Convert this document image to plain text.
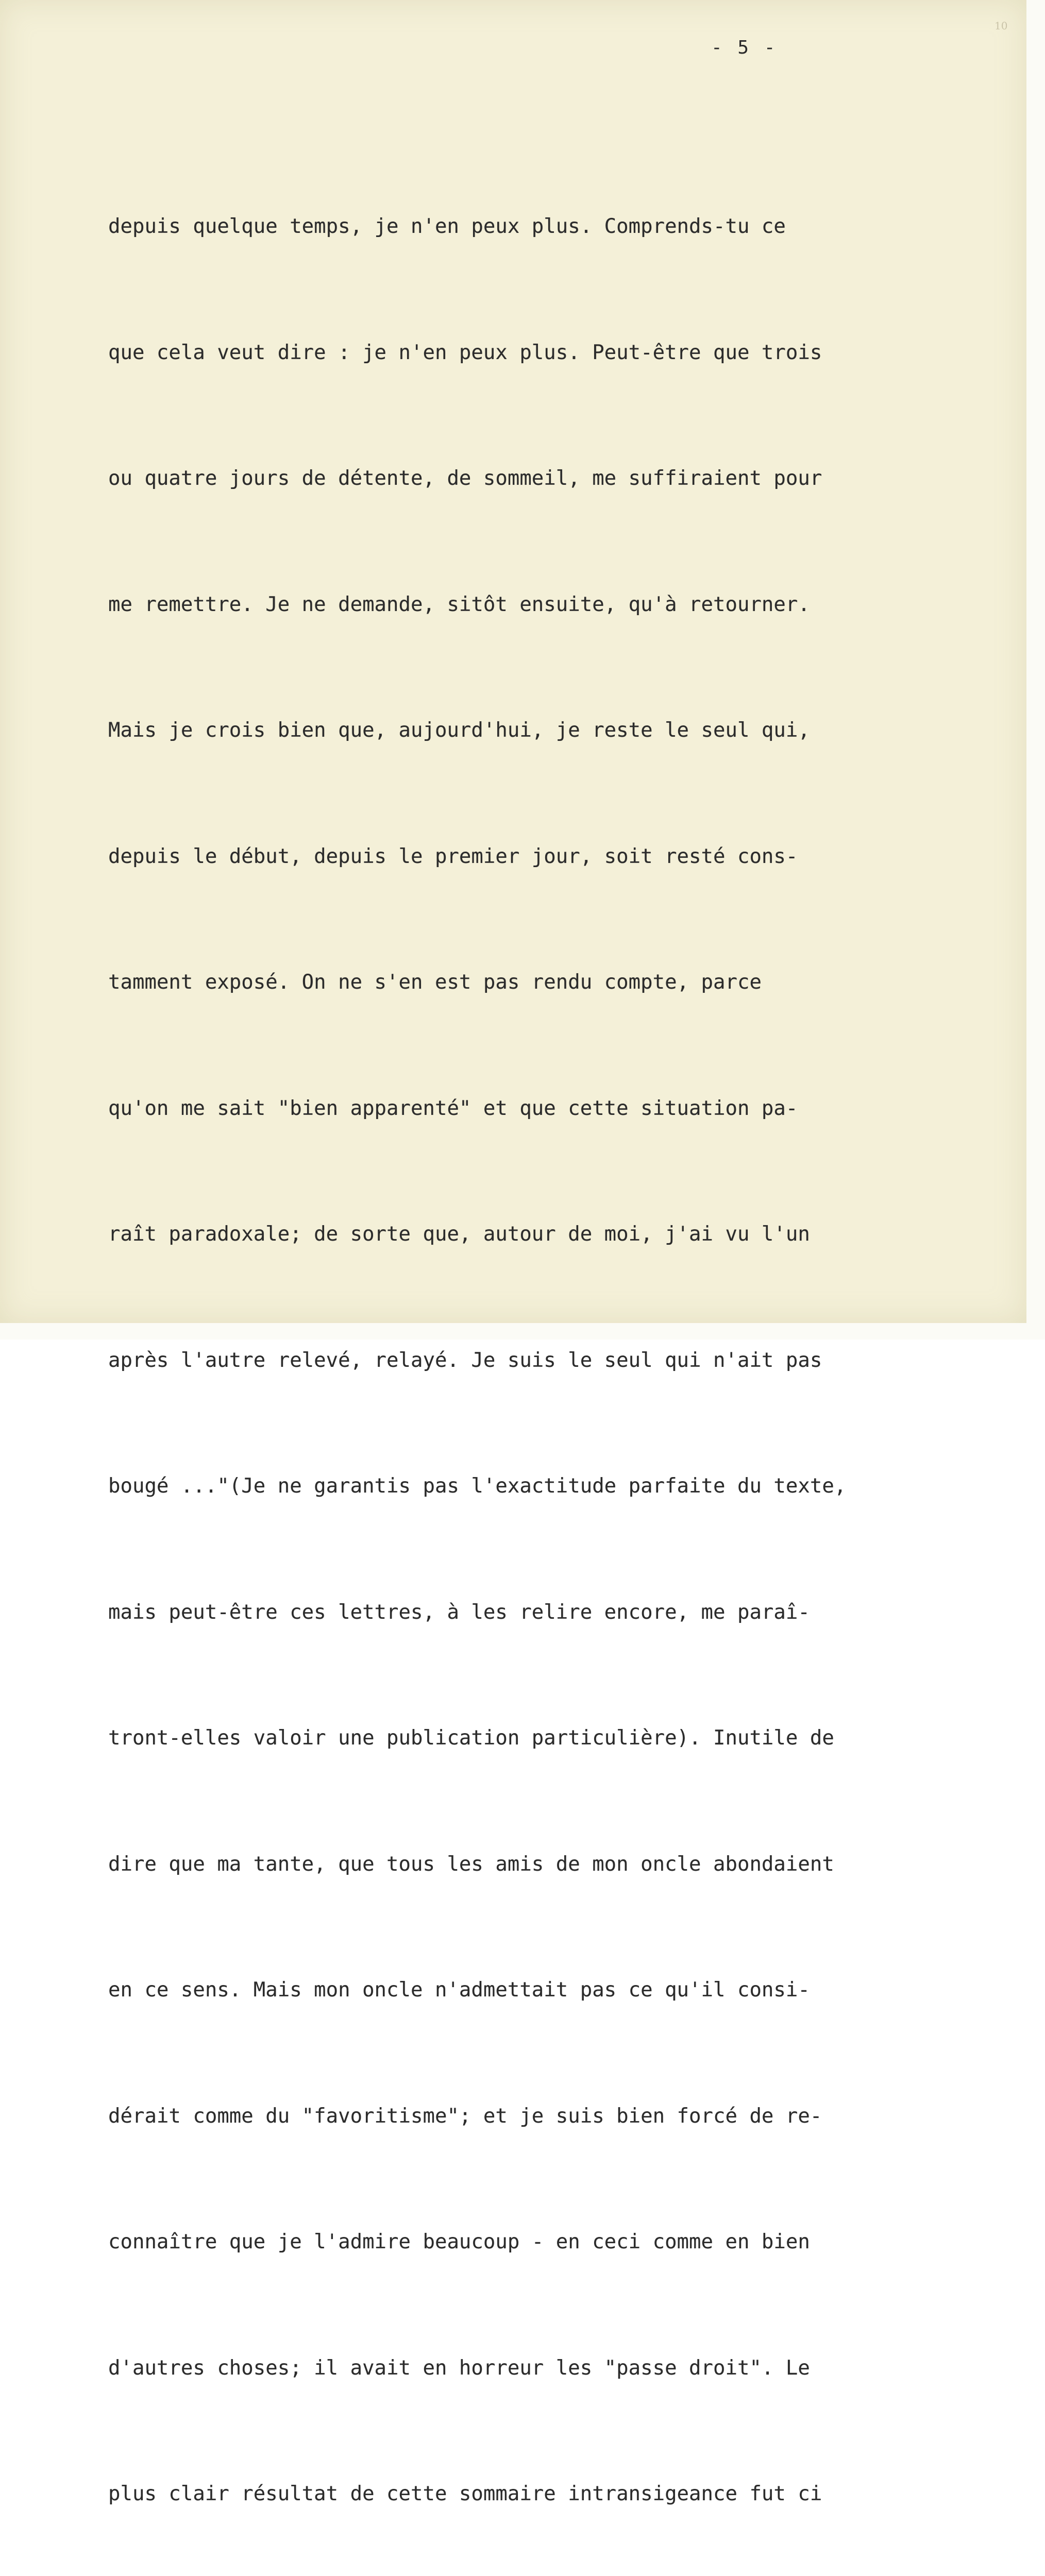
- 5 -
10

depuis quelque temps, je n'en peux plus. Comprends-tu ce

que cela veut dire : je n'en peux plus. Peut-être que trois

ou quatre jours de détente, de sommeil, me suffiraient pour

me remettre. Je ne demande, sitôt ensuite, qu'à retourner.

Mais je crois bien que, aujourd'hui, je reste le seul qui,

depuis le début, depuis le premier jour, soit resté cons-

tamment exposé. On ne s'en est pas rendu compte, parce

qu'on me sait "bien apparenté" et que cette situation pa-

raît paradoxale; de sorte que, autour de moi, j'ai vu l'un

après l'autre relevé, relayé. Je suis le seul qui n'ait pas

bougé ..."(Je ne garantis pas l'exactitude parfaite du texte,

mais peut-être ces lettres, à les relire encore, me paraî-

tront-elles valoir une publication particulière). Inutile de

dire que ma tante, que tous les amis de mon oncle abondaient

en ce sens. Mais mon oncle n'admettait pas ce qu'il consi-

dérait comme du "favoritisme"; et je suis bien forcé de re-

connaître que je l'admire beaucoup - en ceci comme en bien

d'autres choses; il avait en horreur les "passe droit". Le

plus clair résultat de cette sommaire intransigeance fut ci
